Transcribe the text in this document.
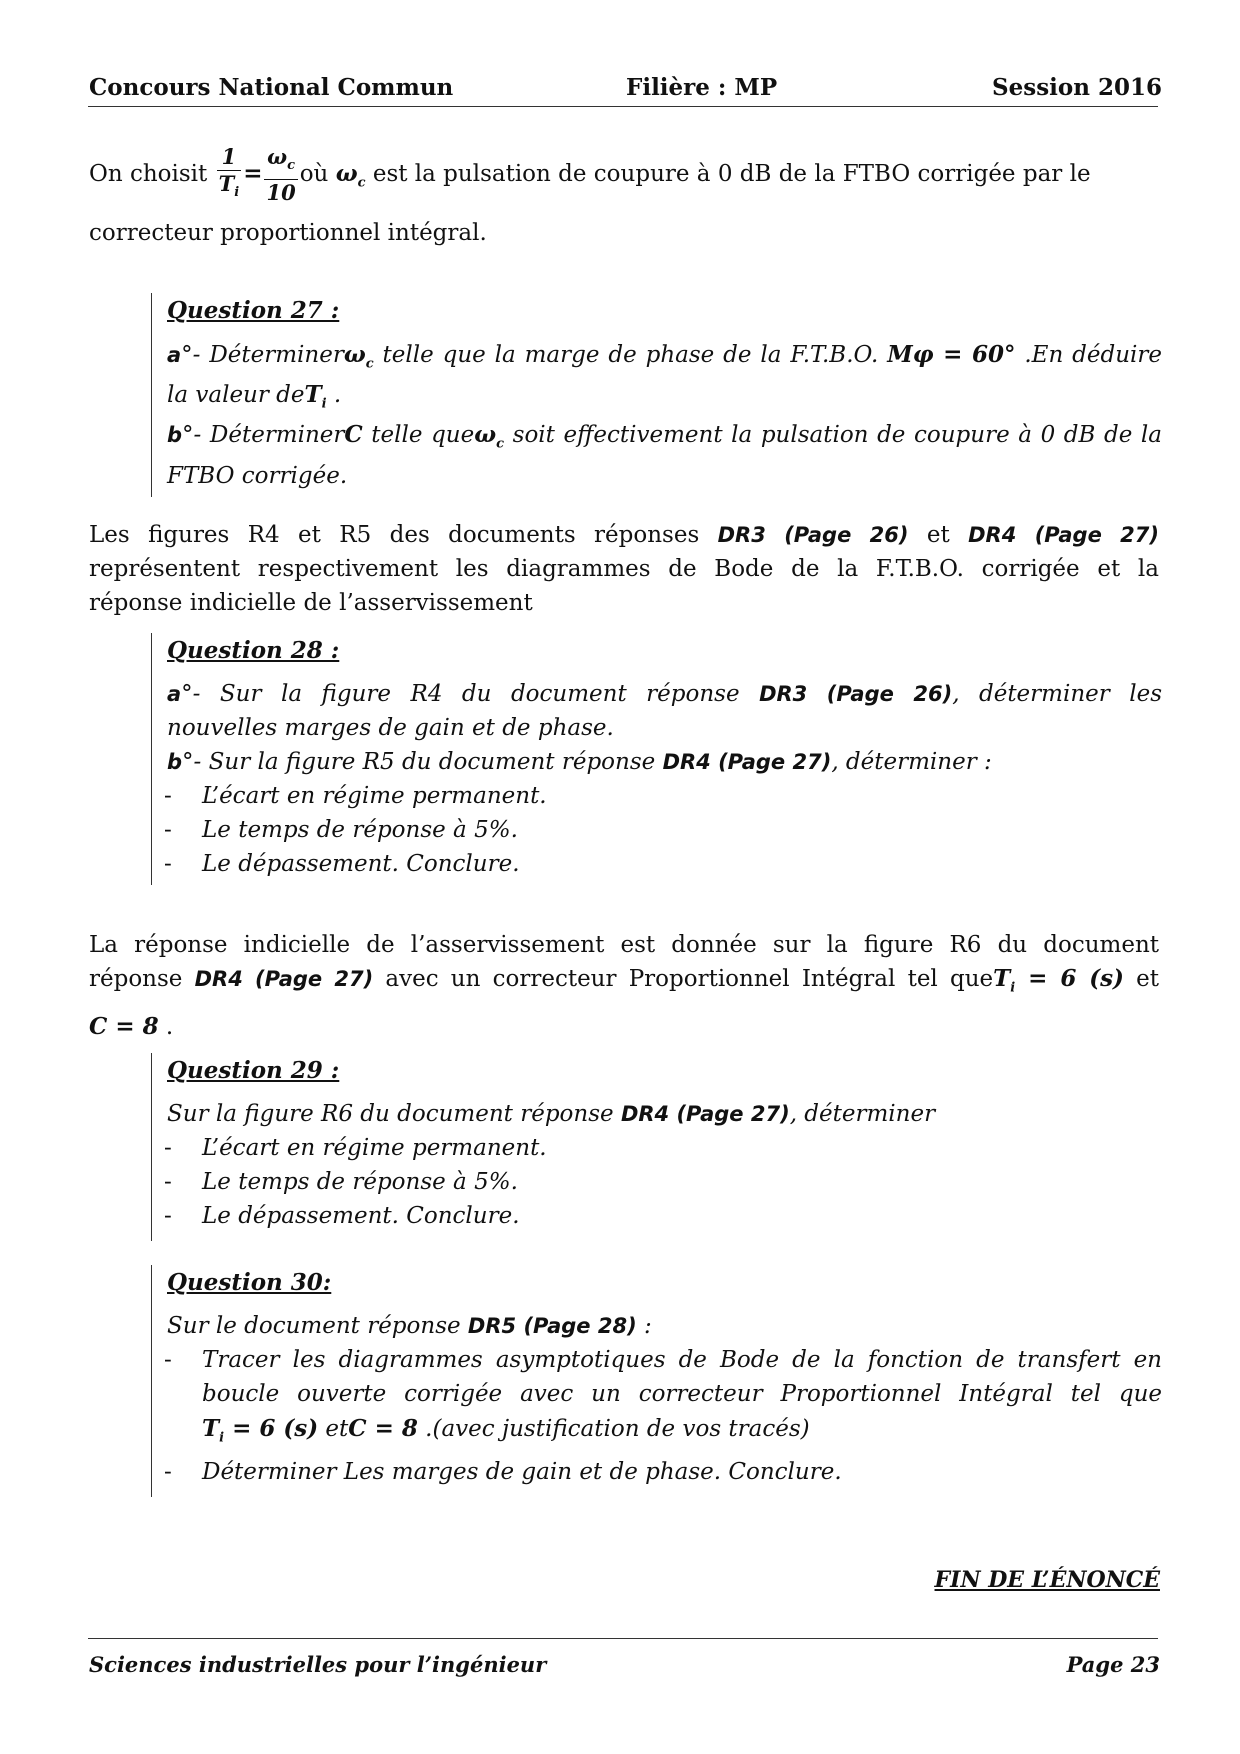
Concours National Commun	Filière : MP	Session 2016
On choisit $\frac{1}{T_i} = \frac{\omega_c}{10}$ où $\omega_c$ est la pulsation de coupure à 0 dB de la FTBO corrigée par le
correcteur proportionnel intégral.
Question 27 :
a°- Déterminerω$_c$ telle que la marge de phase de la F.T.B.O. Mφ = 60° .En déduire
la valeur deT$_i$ .
b°- DéterminerC telle queω$_c$ soit effectivement la pulsation de coupure à 0 dB de la
FTBO corrigée.
Les figures R4 et R5 des documents réponses DR3 (Page 26) et DR4 (Page 27)
représentent respectivement les diagrammes de Bode de la F.T.B.O. corrigée et la
réponse indicielle de l’asservissement
Question 28 :
a°- Sur la figure R4 du document réponse DR3 (Page 26), déterminer les
nouvelles marges de gain et de phase.
b°- Sur la figure R5 du document réponse DR4 (Page 27), déterminer :
- L’écart en régime permanent.
- Le temps de réponse à 5%.
- Le dépassement. Conclure.
La réponse indicielle de l’asservissement est donnée sur la figure R6 du document
réponse DR4 (Page 27) avec un correcteur Proportionnel Intégral tel queT$_i$ = 6 (s) et
C = 8 .
Question 29 :
Sur la figure R6 du document réponse DR4 (Page 27), déterminer
- L’écart en régime permanent.
- Le temps de réponse à 5%.
- Le dépassement. Conclure.
Question 30:
Sur le document réponse DR5 (Page 28) :
- Tracer les diagrammes asymptotiques de Bode de la fonction de transfert en
boucle ouverte corrigée avec un correcteur Proportionnel Intégral tel que
$T_i = 6$ (s) etC = 8 .(avec justification de vos tracés)
- Déterminer Les marges de gain et de phase. Conclure.
FIN DE L’ÉNONCÉ
Sciences industrielles pour l’ingénieur	Page 23
